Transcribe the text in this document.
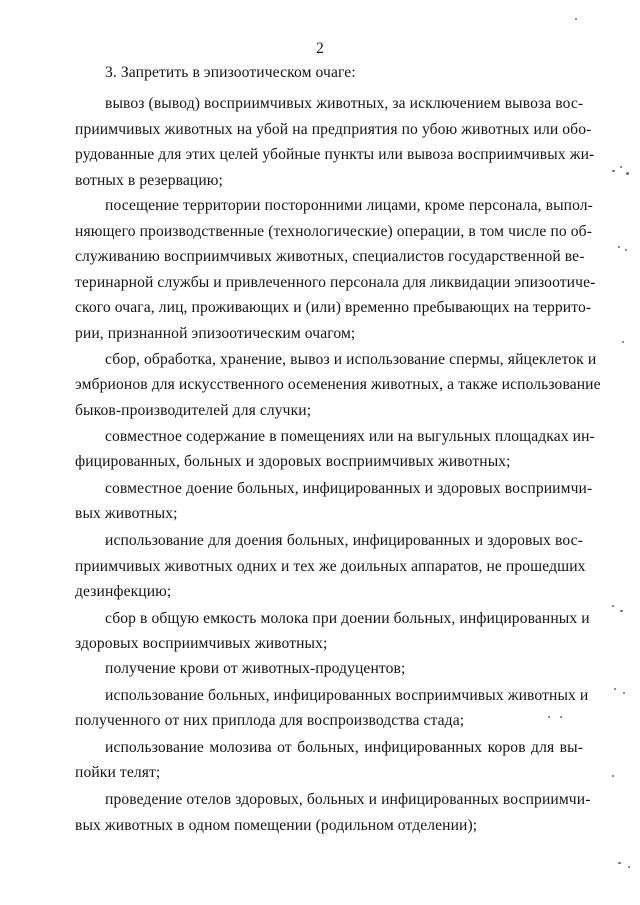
2
3. Запретить в эпизоотическом очаге:
вывоз (вывод) восприимчивых животных, за исключением вывоза вос-
приимчивых животных на убой на предприятия по убою животных или обо-
рудованные для этих целей убойные пункты или вывоза восприимчивых жи-
вотных в резервацию;
посещение территории посторонними лицами, кроме персонала, выпол-
няющего производственные (технологические) операции, в том числе по об-
служиванию восприимчивых животных, специалистов государственной ве-
теринарной службы и привлеченного персонала для ликвидации эпизоотиче-
ского очага, лиц, проживающих и (или) временно пребывающих на террито-
рии, признанной эпизоотическим очагом;
сбор, обработка, хранение, вывоз и использование спермы, яйцеклеток и
эмбрионов для искусственного осеменения животных, а также использование
быков-производителей для случки;
совместное содержание в помещениях или на выгульных площадках ин-
фицированных, больных и здоровых восприимчивых животных;
совместное доение больных, инфицированных и здоровых восприимчи-
вых животных;
использование для доения больных, инфицированных и здоровых вос-
приимчивых животных одних и тех же доильных аппаратов, не прошедших
дезинфекцию;
сбор в общую емкость молока при доении больных, инфицированных и
здоровых восприимчивых животных;
получение крови от животных-продуцентов;
использование больных, инфицированных восприимчивых животных и
полученного от них приплода для воспроизводства стада;
использование молозива от больных, инфицированных коров для вы-
пойки телят;
проведение отелов здоровых, больных и инфицированных восприимчи-
вых животных в одном помещении (родильном отделении);
